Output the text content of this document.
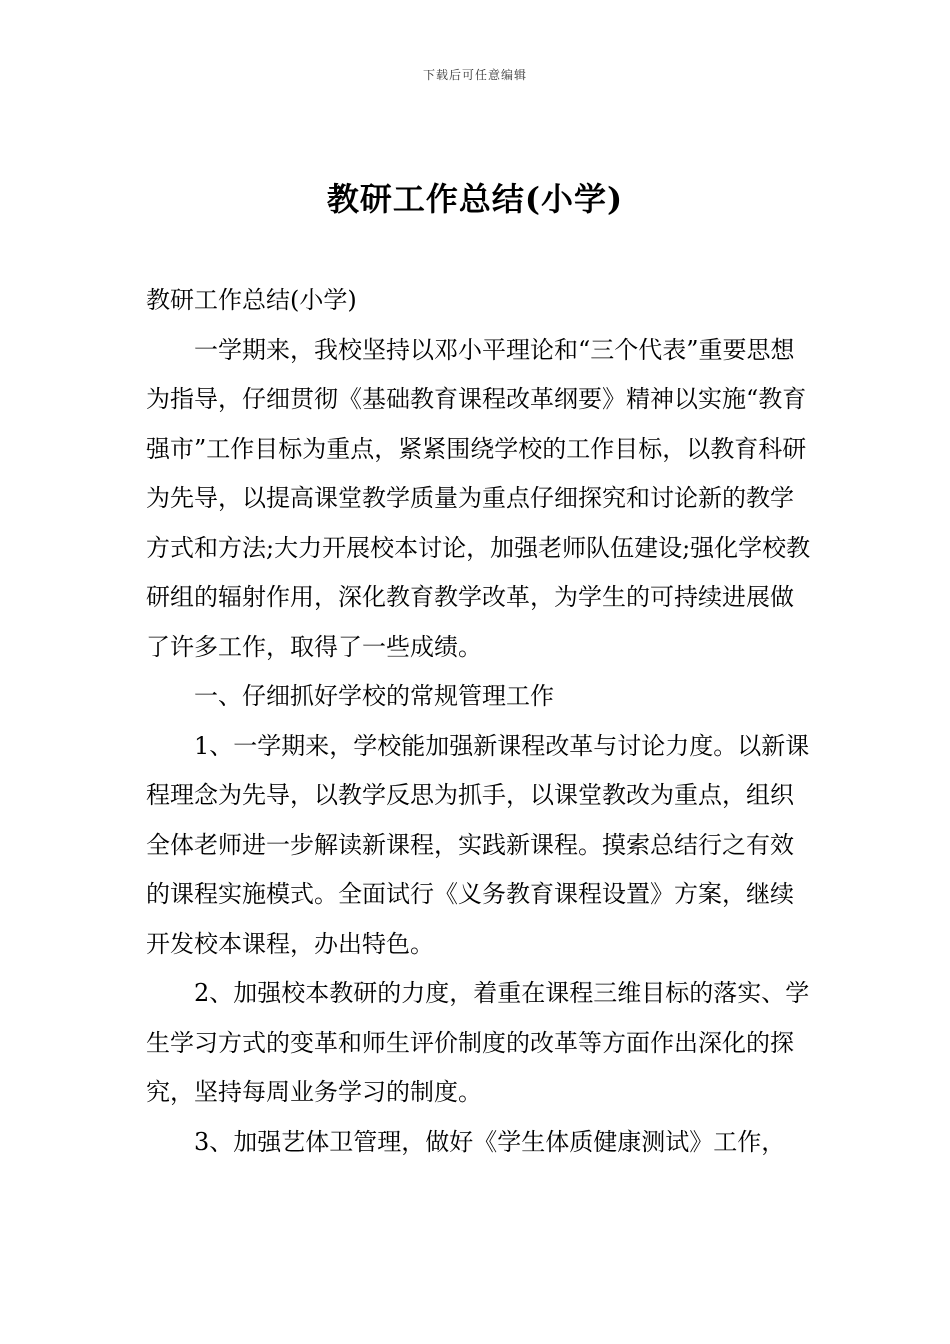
下载后可任意编辑
教研工作总结(小学)

教研工作总结(小学)

一学期来，我校坚持以邓小平理论和“三个代表”重要思想为指导，仔细贯彻《基础教育课程改革纲要》精神以实施“教育强市”工作目标为重点，紧紧围绕学校的工作目标，以教育科研为先导，以提高课堂教学质量为重点仔细探究和讨论新的教学方式和方法;大力开展校本讨论，加强老师队伍建设;强化学校教研组的辐射作用，深化教育教学改革，为学生的可持续进展做了许多工作，取得了一些成绩。

一、仔细抓好学校的常规管理工作

1、一学期来，学校能加强新课程改革与讨论力度。以新课程理念为先导，以教学反思为抓手，以课堂教改为重点，组织全体老师进一步解读新课程，实践新课程。摸索总结行之有效的课程实施模式。全面试行《义务教育课程设置》方案，继续开发校本课程，办出特色。

2、加强校本教研的力度，着重在课程三维目标的落实、学生学习方式的变革和师生评价制度的改革等方面作出深化的探究，坚持每周业务学习的制度。

3、加强艺体卫管理，做好《学生体质健康测试》工作，
